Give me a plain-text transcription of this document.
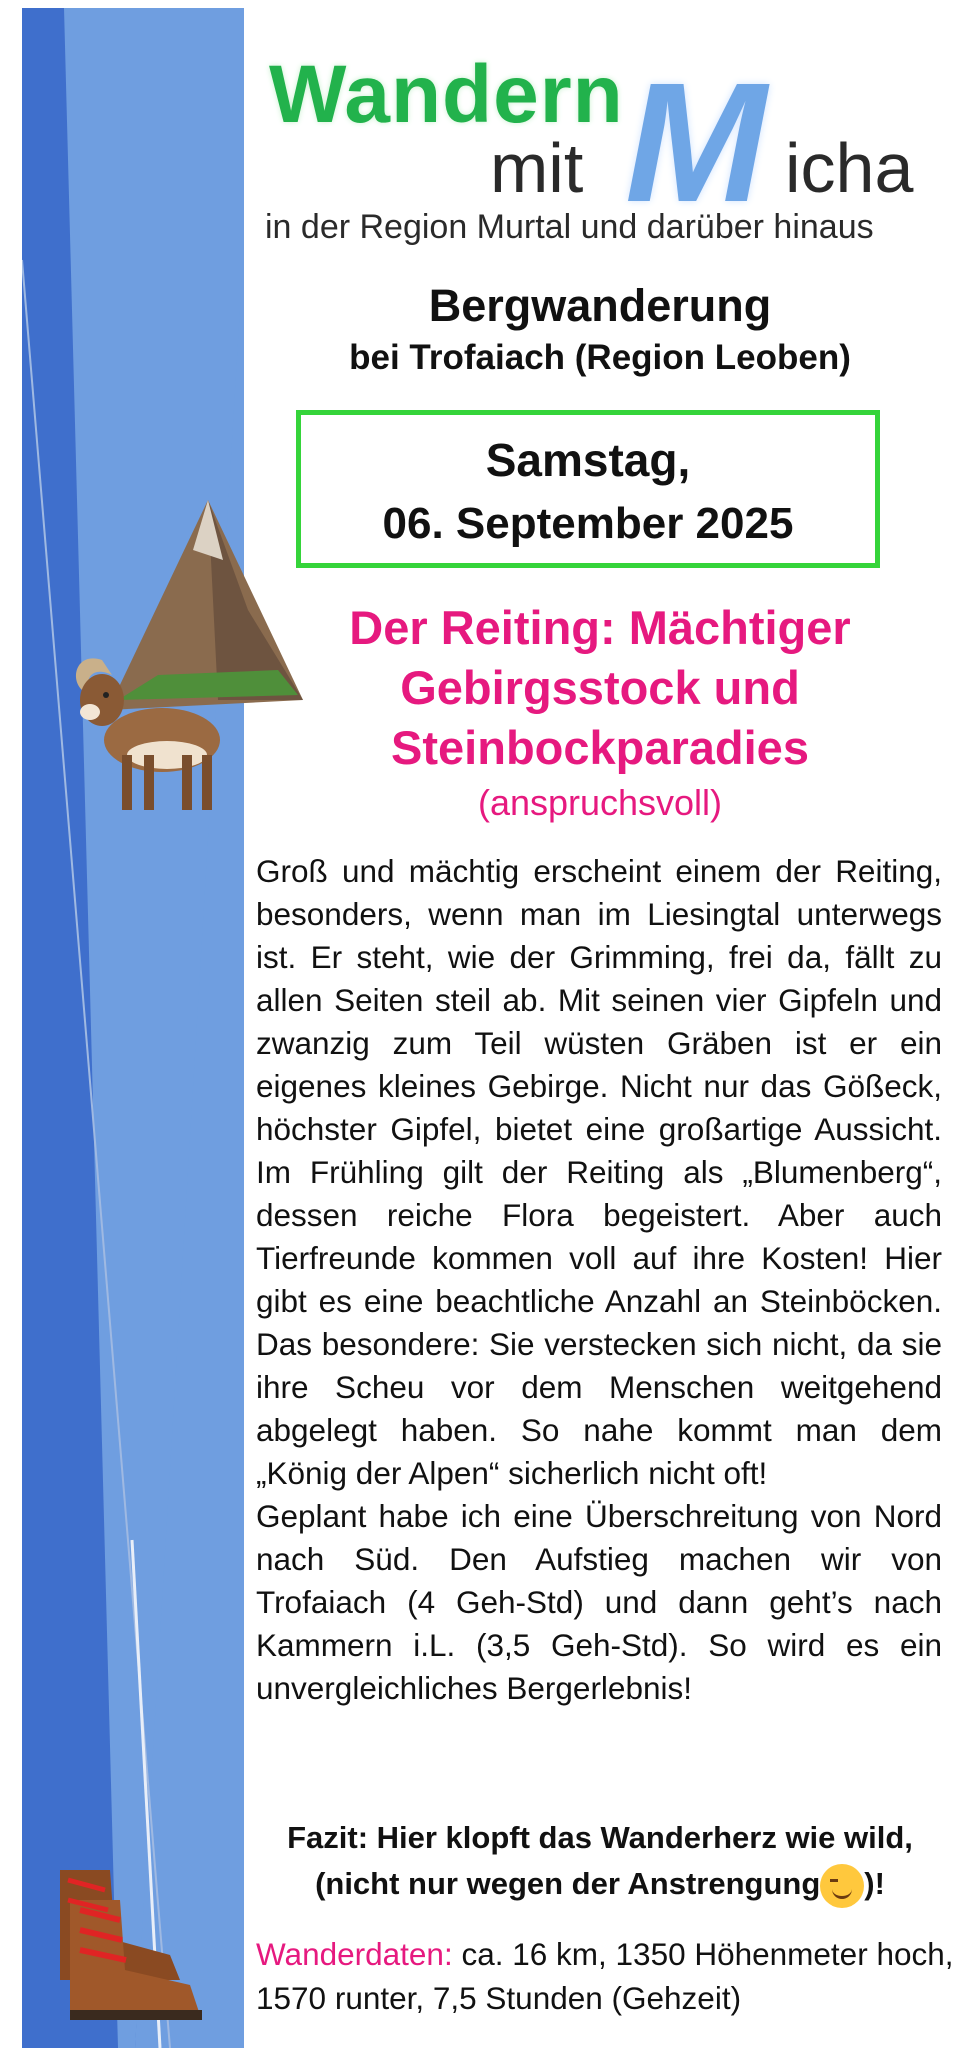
Wandern M
mit	icha
in der Region Murtal und darüber hinaus
Bergwanderung
bei Trofaiach (Region Leoben)
Samstag,
06. September 2025
Der Reiting: Mächtiger
Gebirgsstock und
Steinbockparadies
(anspruchsvoll)

Groß und mächtig erscheint einem der Reiting, besonders, wenn man im Liesingtal unterwegs ist. Er steht, wie der Grimming, frei da, fällt zu allen Seiten steil ab. Mit seinen vier Gipfeln und zwanzig zum Teil wüsten Gräben ist er ein eigenes kleines Gebirge. Nicht nur das Gößeck, höchster Gipfel, bietet eine großartige Aussicht. Im Frühling gilt der Reiting als „Blumenberg“, dessen reiche Flora begeistert. Aber auch Tierfreunde kommen voll auf ihre Kosten! Hier gibt es eine beachtliche Anzahl an Steinböcken. Das besondere: Sie verstecken sich nicht, da sie ihre Scheu vor dem Menschen weitgehend abgelegt haben. So nahe kommt man dem „König der Alpen“ sicherlich nicht oft!

Geplant habe ich eine Überschreitung von Nord nach Süd. Den Aufstieg machen wir von Trofaiach (4 Geh-Std) und dann geht’s nach Kammern i.L. (3,5 Geh-Std). So wird es ein unvergleichliches Bergerlebnis!

Fazit: Hier klopft das Wanderherz wie wild,
(nicht nur wegen der Anstrengung )!
Wanderdaten: ca. 16 km, 1350 Höhenmeter hoch, 1570 runter, 7,5 Stunden (Gehzeit)
